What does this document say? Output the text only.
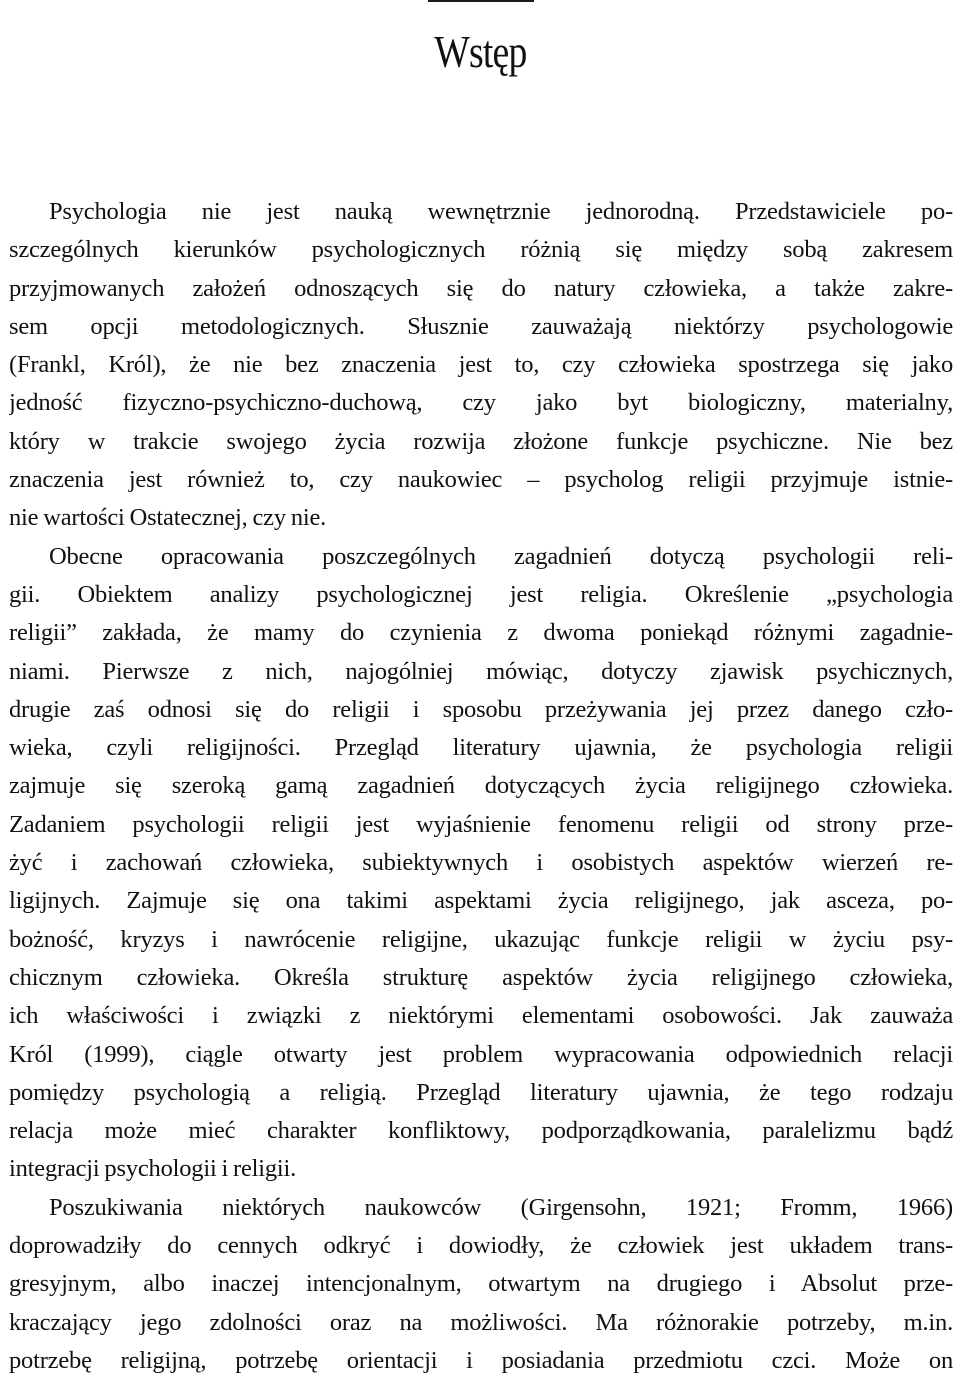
Wstęp
Psychologia nie jest nauką wewnętrznie jednorodną. Przedstawiciele po-
szczególnych kierunków psychologicznych różnią się między sobą zakresem
przyjmowanych założeń odnoszących się do natury człowieka, a także zakre-
sem opcji metodologicznych. Słusznie zauważają niektórzy psychologowie
(Frankl, Król), że nie bez znaczenia jest to, czy człowieka spostrzega się jako
jedność fizyczno-psychiczno-duchową, czy jako byt biologiczny, materialny,
który w trakcie swojego życia rozwija złożone funkcje psychiczne. Nie bez
znaczenia jest również to, czy naukowiec – psycholog religii przyjmuje istnie-
nie wartości Ostatecznej, czy nie.
Obecne opracowania poszczególnych zagadnień dotyczą psychologii reli-
gii. Obiektem analizy psychologicznej jest religia. Określenie „psychologia
religii” zakłada, że mamy do czynienia z dwoma poniekąd różnymi zagadnie-
niami. Pierwsze z nich, najogólniej mówiąc, dotyczy zjawisk psychicznych,
drugie zaś odnosi się do religii i sposobu przeżywania jej przez danego czło-
wieka, czyli religijności. Przegląd literatury ujawnia, że psychologia religii
zajmuje się szeroką gamą zagadnień dotyczących życia religijnego człowieka.
Zadaniem psychologii religii jest wyjaśnienie fenomenu religii od strony prze-
żyć i zachowań człowieka, subiektywnych i osobistych aspektów wierzeń re-
ligijnych. Zajmuje się ona takimi aspektami życia religijnego, jak asceza, po-
bożność, kryzys i nawrócenie religijne, ukazując funkcje religii w życiu psy-
chicznym człowieka. Określa strukturę aspektów życia religijnego człowieka,
ich właściwości i związki z niektórymi elementami osobowości. Jak zauważa
Król (1999), ciągle otwarty jest problem wypracowania odpowiednich relacji
pomiędzy psychologią a religią. Przegląd literatury ujawnia, że tego rodzaju
relacja może mieć charakter konfliktowy, podporządkowania, paralelizmu bądź
integracji psychologii i religii.
Poszukiwania niektórych naukowców (Girgensohn, 1921; Fromm, 1966)
doprowadziły do cennych odkryć i dowiodły, że człowiek jest układem trans-
gresyjnym, albo inaczej intencjonalnym, otwartym na drugiego i Absolut prze-
kraczający jego zdolności oraz na możliwości. Ma różnorakie potrzeby, m.in.
potrzebę religijną, potrzebę orientacji i posiadania przedmiotu czci. Może on
